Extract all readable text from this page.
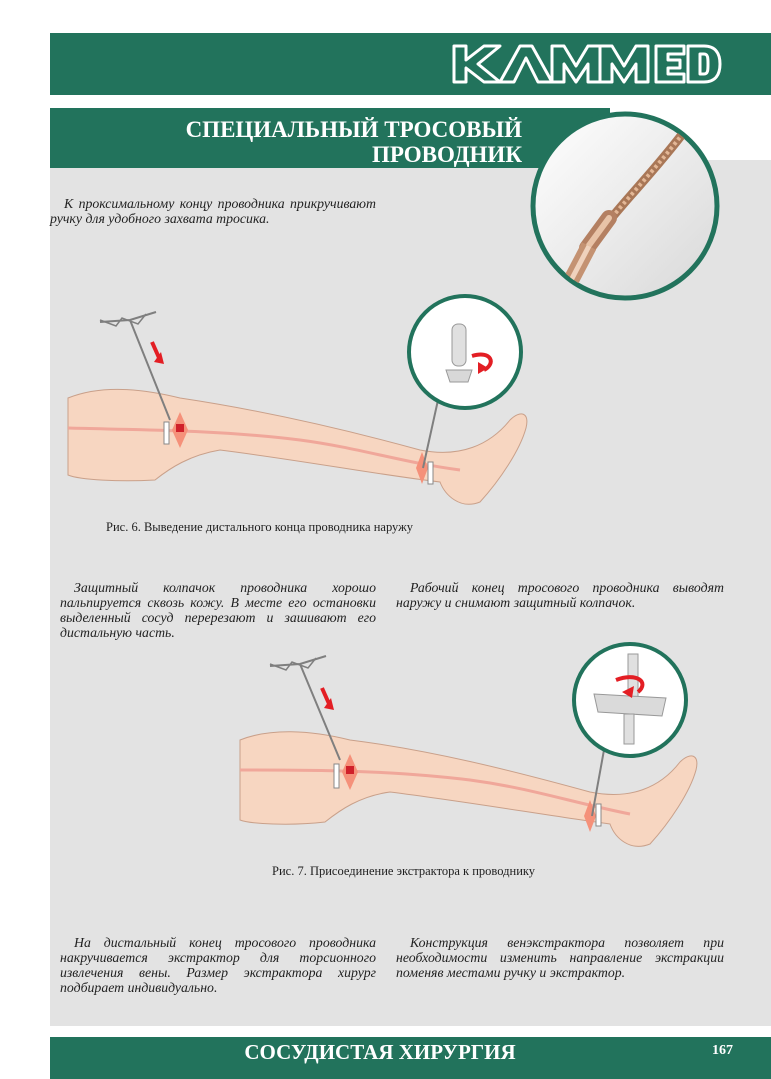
СПЕЦИАЛЬНЫЙ ТРОСОВЫЙ
ПРОВОДНИК

К проксимальному концу проводника прикручивают ручку для удобного захвата тросика.

Рис. 6. Выведение дистального конца проводника наружу

Защитный колпачок проводника хорошо пальпируется сквозь кожу. В месте его остановки выделенный сосуд перерезают и зашивают его дистальную часть.

Рабочий конец тросового проводника выводят наружу и снимают защитный колпачок.

Рис. 7. Присоединение экстрактора к проводнику

На дистальный конец тросового проводника накручивается экстрактор для торсионного извлечения вены. Размер экстрактора хирург подбирает индивидуально.

Конструкция венэкстрактора позволяет при необходимости изменить направление экстракции поменяв местами ручку и экстрактор.

СОСУДИСТАЯ ХИРУРГИЯ	167
